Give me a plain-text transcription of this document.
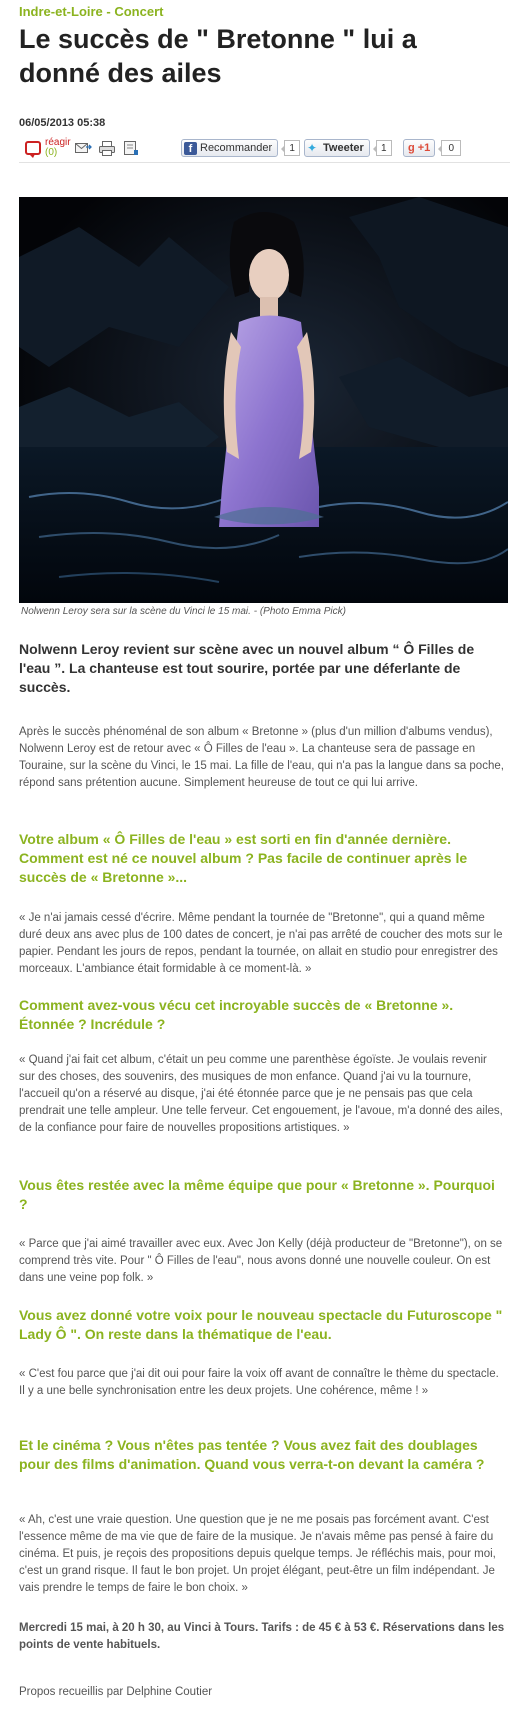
Indre-et-Loire - Concert
Le succès de " Bretonne " lui a donné des ailes
06/05/2013 05:38
réagir
(0)	f Recommander	1	✦ Tweeter	1	g +1	0
Nolwenn Leroy sera sur la scène du Vinci le 15 mai. - (Photo Emma Pick)

Nolwenn Leroy revient sur scène avec un nouvel album “ Ô Filles de l'eau ”. La chanteuse est tout sourire, portée par une déferlante de succès.

Après le succès phénoménal de son album « Bretonne » (plus d'un million d'albums vendus), Nolwenn Leroy est de retour avec « Ô Filles de l'eau ». La chanteuse sera de passage en Touraine, sur la scène du Vinci, le 15 mai. La fille de l'eau, qui n'a pas la langue dans sa poche, répond sans prétention aucune. Simplement heureuse de tout ce qui lui arrive.

Votre album « Ô Filles de l'eau » est sorti en fin d'année dernière. Comment est né ce nouvel album ? Pas facile de continuer après le succès de « Bretonne »...

« Je n'ai jamais cessé d'écrire. Même pendant la tournée de "Bretonne", qui a quand même duré deux ans avec plus de 100 dates de concert, je n'ai pas arrêté de coucher des mots sur le papier. Pendant les jours de repos, pendant la tournée, on allait en studio pour enregistrer des morceaux. L'ambiance était formidable à ce moment-là. »

Comment avez-vous vécu cet incroyable succès de « Bretonne ». Étonnée ? Incrédule ?

« Quand j'ai fait cet album, c'était un peu comme une parenthèse égoïste. Je voulais revenir sur des choses, des souvenirs, des musiques de mon enfance. Quand j'ai vu la tournure, l'accueil qu'on a réservé au disque, j'ai été étonnée parce que je ne pensais pas que cela prendrait une telle ampleur. Une telle ferveur. Cet engouement, je l'avoue, m'a donné des ailes, de la confiance pour faire de nouvelles propositions artistiques. »

Vous êtes restée avec la même équipe que pour « Bretonne ». Pourquoi ?

« Parce que j'ai aimé travailler avec eux. Avec Jon Kelly (déjà producteur de "Bretonne"), on se comprend très vite. Pour " Ô Filles de l'eau", nous avons donné une nouvelle couleur. On est dans une veine pop folk. »

Vous avez donné votre voix pour le nouveau spectacle du Futuroscope " Lady Ô ". On reste dans la thématique de l'eau.

« C'est fou parce que j'ai dit oui pour faire la voix off avant de connaître le thème du spectacle. Il y a une belle synchronisation entre les deux projets. Une cohérence, même ! »

Et le cinéma ? Vous n'êtes pas tentée ? Vous avez fait des doublages pour des films d'animation. Quand vous verra-t-on devant la caméra ?

« Ah, c'est une vraie question. Une question que je ne me posais pas forcément avant. C'est l'essence même de ma vie que de faire de la musique. Je n'avais même pas pensé à faire du cinéma. Et puis, je reçois des propositions depuis quelque temps. Je réfléchis mais, pour moi, c'est un grand risque. Il faut le bon projet. Un projet élégant, peut-être un film indépendant. Je vais prendre le temps de faire le bon choix. »

Mercredi 15 mai, à 20 h 30, au Vinci à Tours. Tarifs : de 45 € à 53 €. Réservations dans les points de vente habituels.

Propos recueillis par Delphine Coutier
